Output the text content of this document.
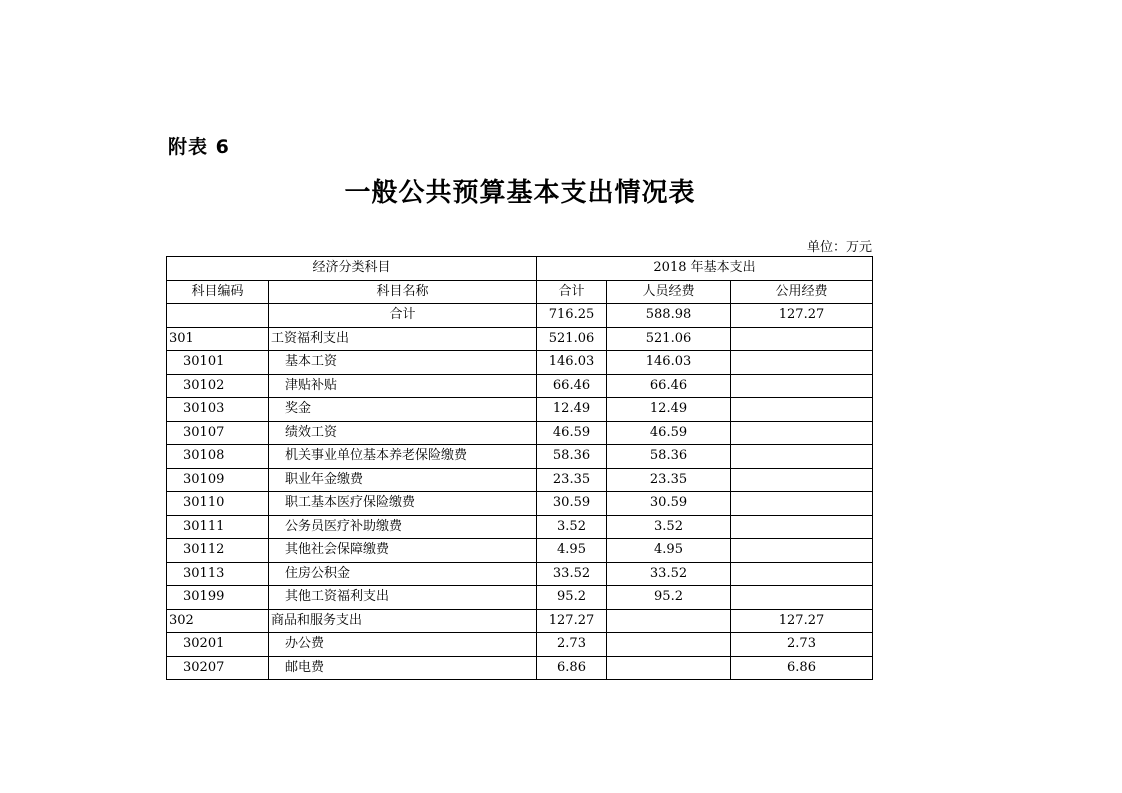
附表 6
一般公共预算基本支出情况表
单位：万元
经济分类科目		2018 年基本支出		
科目编码	科目名称	合计	人员经费	公用经费
	合计	716.25	588.98	127.27
301	工资福利支出	521.06	521.06	
30101	基本工资	146.03	146.03	
30102	津贴补贴	66.46	66.46	
30103	奖金	12.49	12.49	
30107	绩效工资	46.59	46.59	
30108	机关事业单位基本养老保险缴费	58.36	58.36	
30109	职业年金缴费	23.35	23.35	
30110	职工基本医疗保险缴费	30.59	30.59	
30111	公务员医疗补助缴费	3.52	3.52	
30112	其他社会保障缴费	4.95	4.95	
30113	住房公积金	33.52	33.52	
30199	其他工资福利支出	95.2	95.2	
302	商品和服务支出	127.27		127.27
30201	办公费	2.73		2.73
30207	邮电费	6.86		6.86
